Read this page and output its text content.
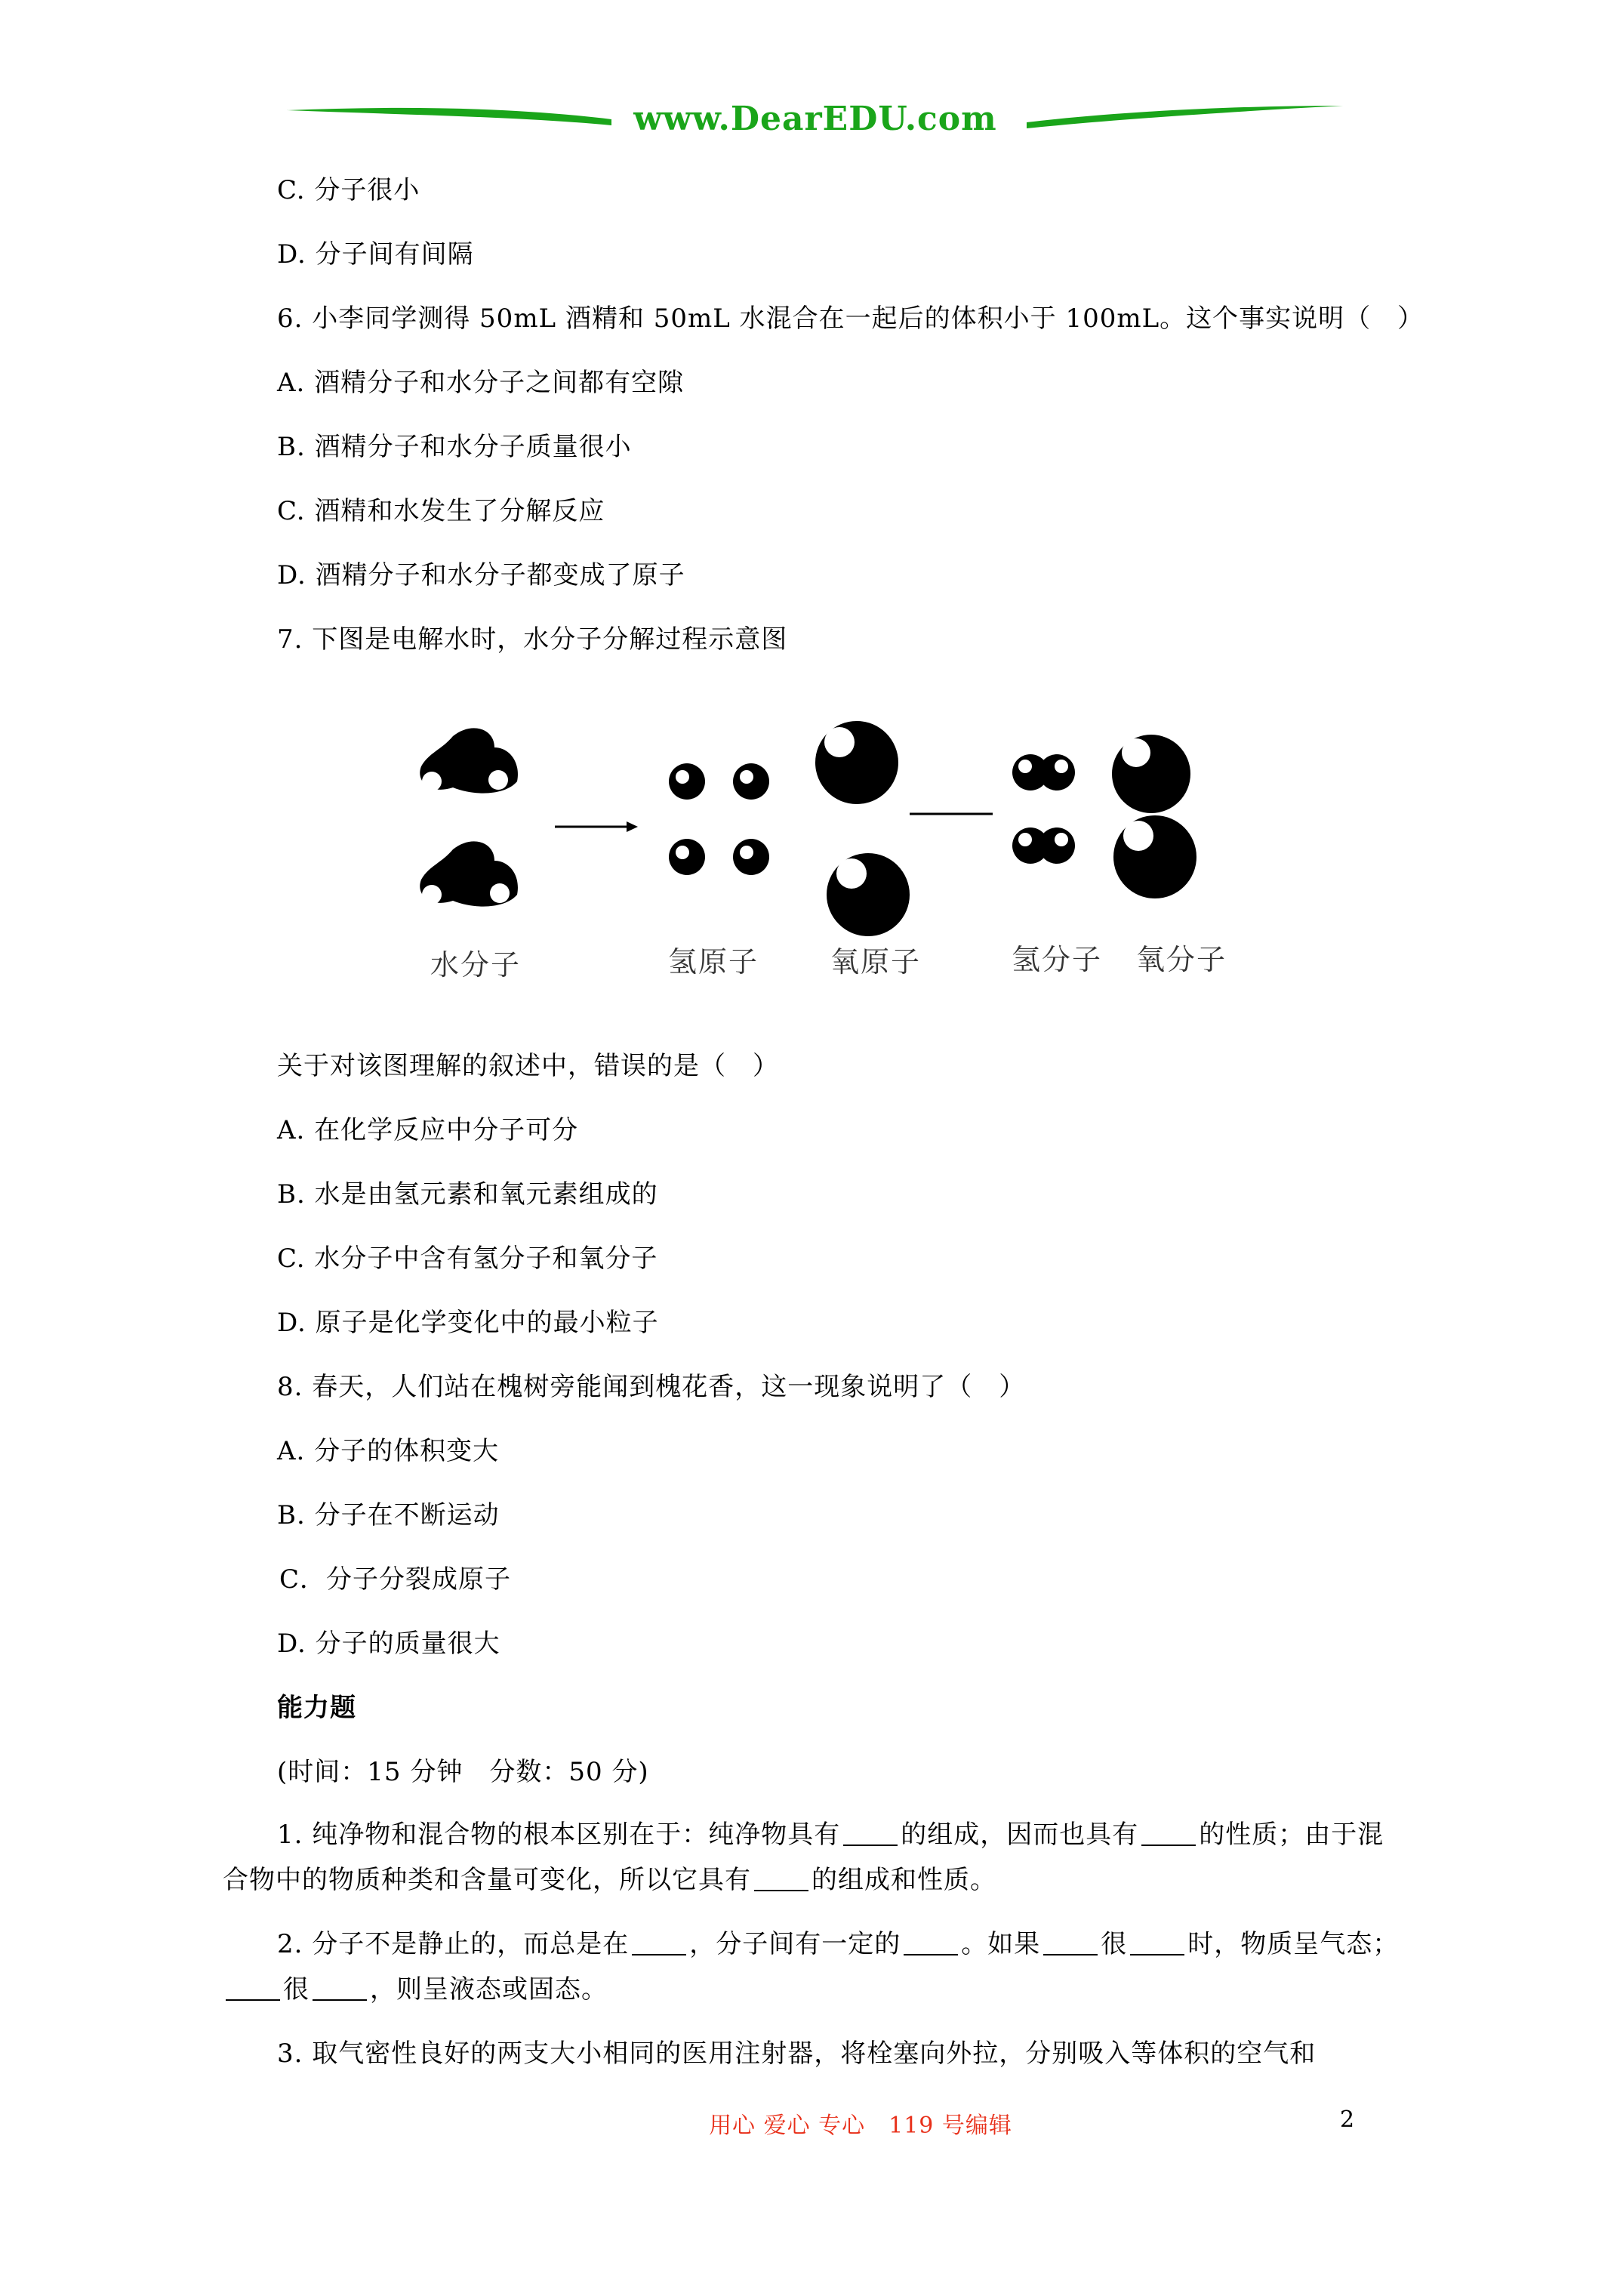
www.DearEDU.com
C. 分子很小
D. 分子间有间隔
6. 小李同学测得 50mL 酒精和 50mL 水混合在一起后的体积小于 100mL。这个事实说明（　）
A. 酒精分子和水分子之间都有空隙
B. 酒精分子和水分子质量很小
C. 酒精和水发生了分解反应
D. 酒精分子和水分子都变成了原子
7. 下图是电解水时，水分子分解过程示意图
水分子	氢原子 氧原子	氢分子 氧分子
关于对该图理解的叙述中，错误的是（　）
A. 在化学反应中分子可分
B. 水是由氢元素和氧元素组成的
C. 水分子中含有氢分子和氧分子
D. 原子是化学变化中的最小粒子
8. 春天，人们站在槐树旁能闻到槐花香，这一现象说明了（　）
A. 分子的体积变大
B. 分子在不断运动
C．分子分裂成原子
D. 分子的质量很大
能力题
(时间：15 分钟　分数：50 分)
1. 纯净物和混合物的根本区别在于：纯净物具有 的组成，因而也具有 的性质；由于混合物中的物质种类和含量可变化，所以它具有 的组成和性质。
2. 分子不是静止的，而总是在 ，分子间有一定的 。如果 很 时，物质呈气态；很 ，则呈液态或固态。
3. 取气密性良好的两支大小相同的医用注射器，将栓塞向外拉，分别吸入等体积的空气和
用心 爱心 专心　119 号编辑	2
